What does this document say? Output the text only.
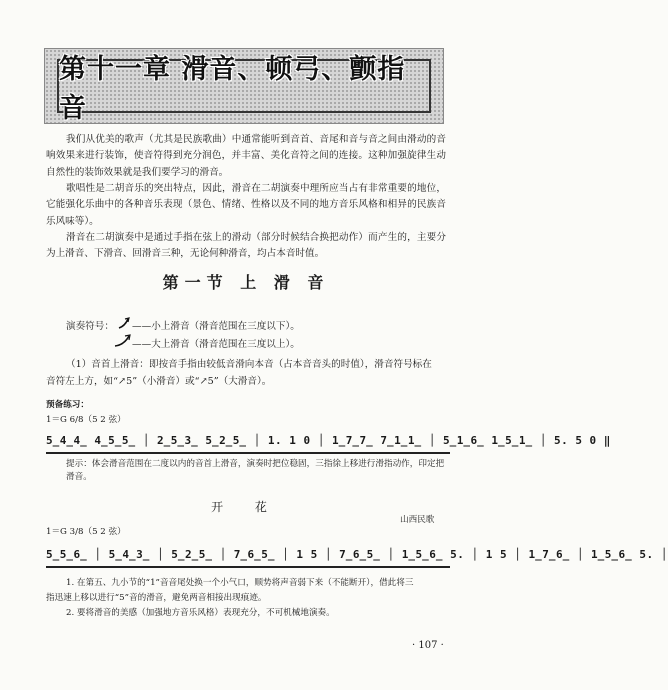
第十一章 滑音、顿弓、颤指音
我们从优美的歌声（尤其是民族歌曲）中通常能听到音首、音尾和音与音之间由滑动的音响效果来进行装饰，使音符得到充分润色，并丰富、美化音符之间的连接。这种加强旋律生动自然性的装饰效果就是我们要学习的滑音。
歌唱性是二胡音乐的突出特点，因此，滑音在二胡演奏中理所应当占有非常重要的地位，它能强化乐曲中的各种音乐表现（景色、情绪、性格以及不同的地方音乐风格和相异的民族音乐风味等）。
滑音在二胡演奏中是通过手指在弦上的滑动（部分时候结合换把动作）而产生的，主要分为上滑音、下滑音、回滑音三种，无论何种滑音，均占本音时值。
第一节 上 滑 音
演奏符号： ——小上滑音（滑音范围在三度以下）。
——大上滑音（滑音范围在三度以上）。
（1）音首上滑音：即按音手指由较低音滑向本音（占本音音头的时值），滑音符号标在
音符左上方，如“↗5”（小滑音）或“↗5”（大滑音）。
预备练习：
1＝G 6/8（5 2 弦）
5̲4̲4̲ 4̲5̲5̲ │ 2̲5̲3̲ 5̲2̲5̲ │ 1. 1 0 │ 1̲7̲7̲ 7̲1̲1̲ │ 5̲1̲6̲ 1̲5̲1̲ │ 5. 5 0 ‖
提示：体会滑音范围在二度以内的音首上滑音，演奏时把位稳固，三指徐上移进行滑指动作，印定把滑音。
开 花
山西民歌
1＝G 3/8（5 2 弦）
5̲5̲6̲ │ 5̲4̲3̲ │ 5̲2̲5̲ │ 7̲6̲5̲ │ 1 5 │ 7̲6̲5̲ │ 1̲5̲6̲ 5. │ 1 5 │ 1̲7̲6̲ │ 1̲5̲6̲ 5. │
1. 在第五、九小节的“1”音音尾处换一个小气口，顺势将声音弱下来（不能断开），借此将三
指迅速上移以进行“5”音的滑音，避免两音相接出现痕迹。
2. 要将滑音的美感（加强地方音乐风格）表现充分，不可机械地演奏。
· 107 ·
